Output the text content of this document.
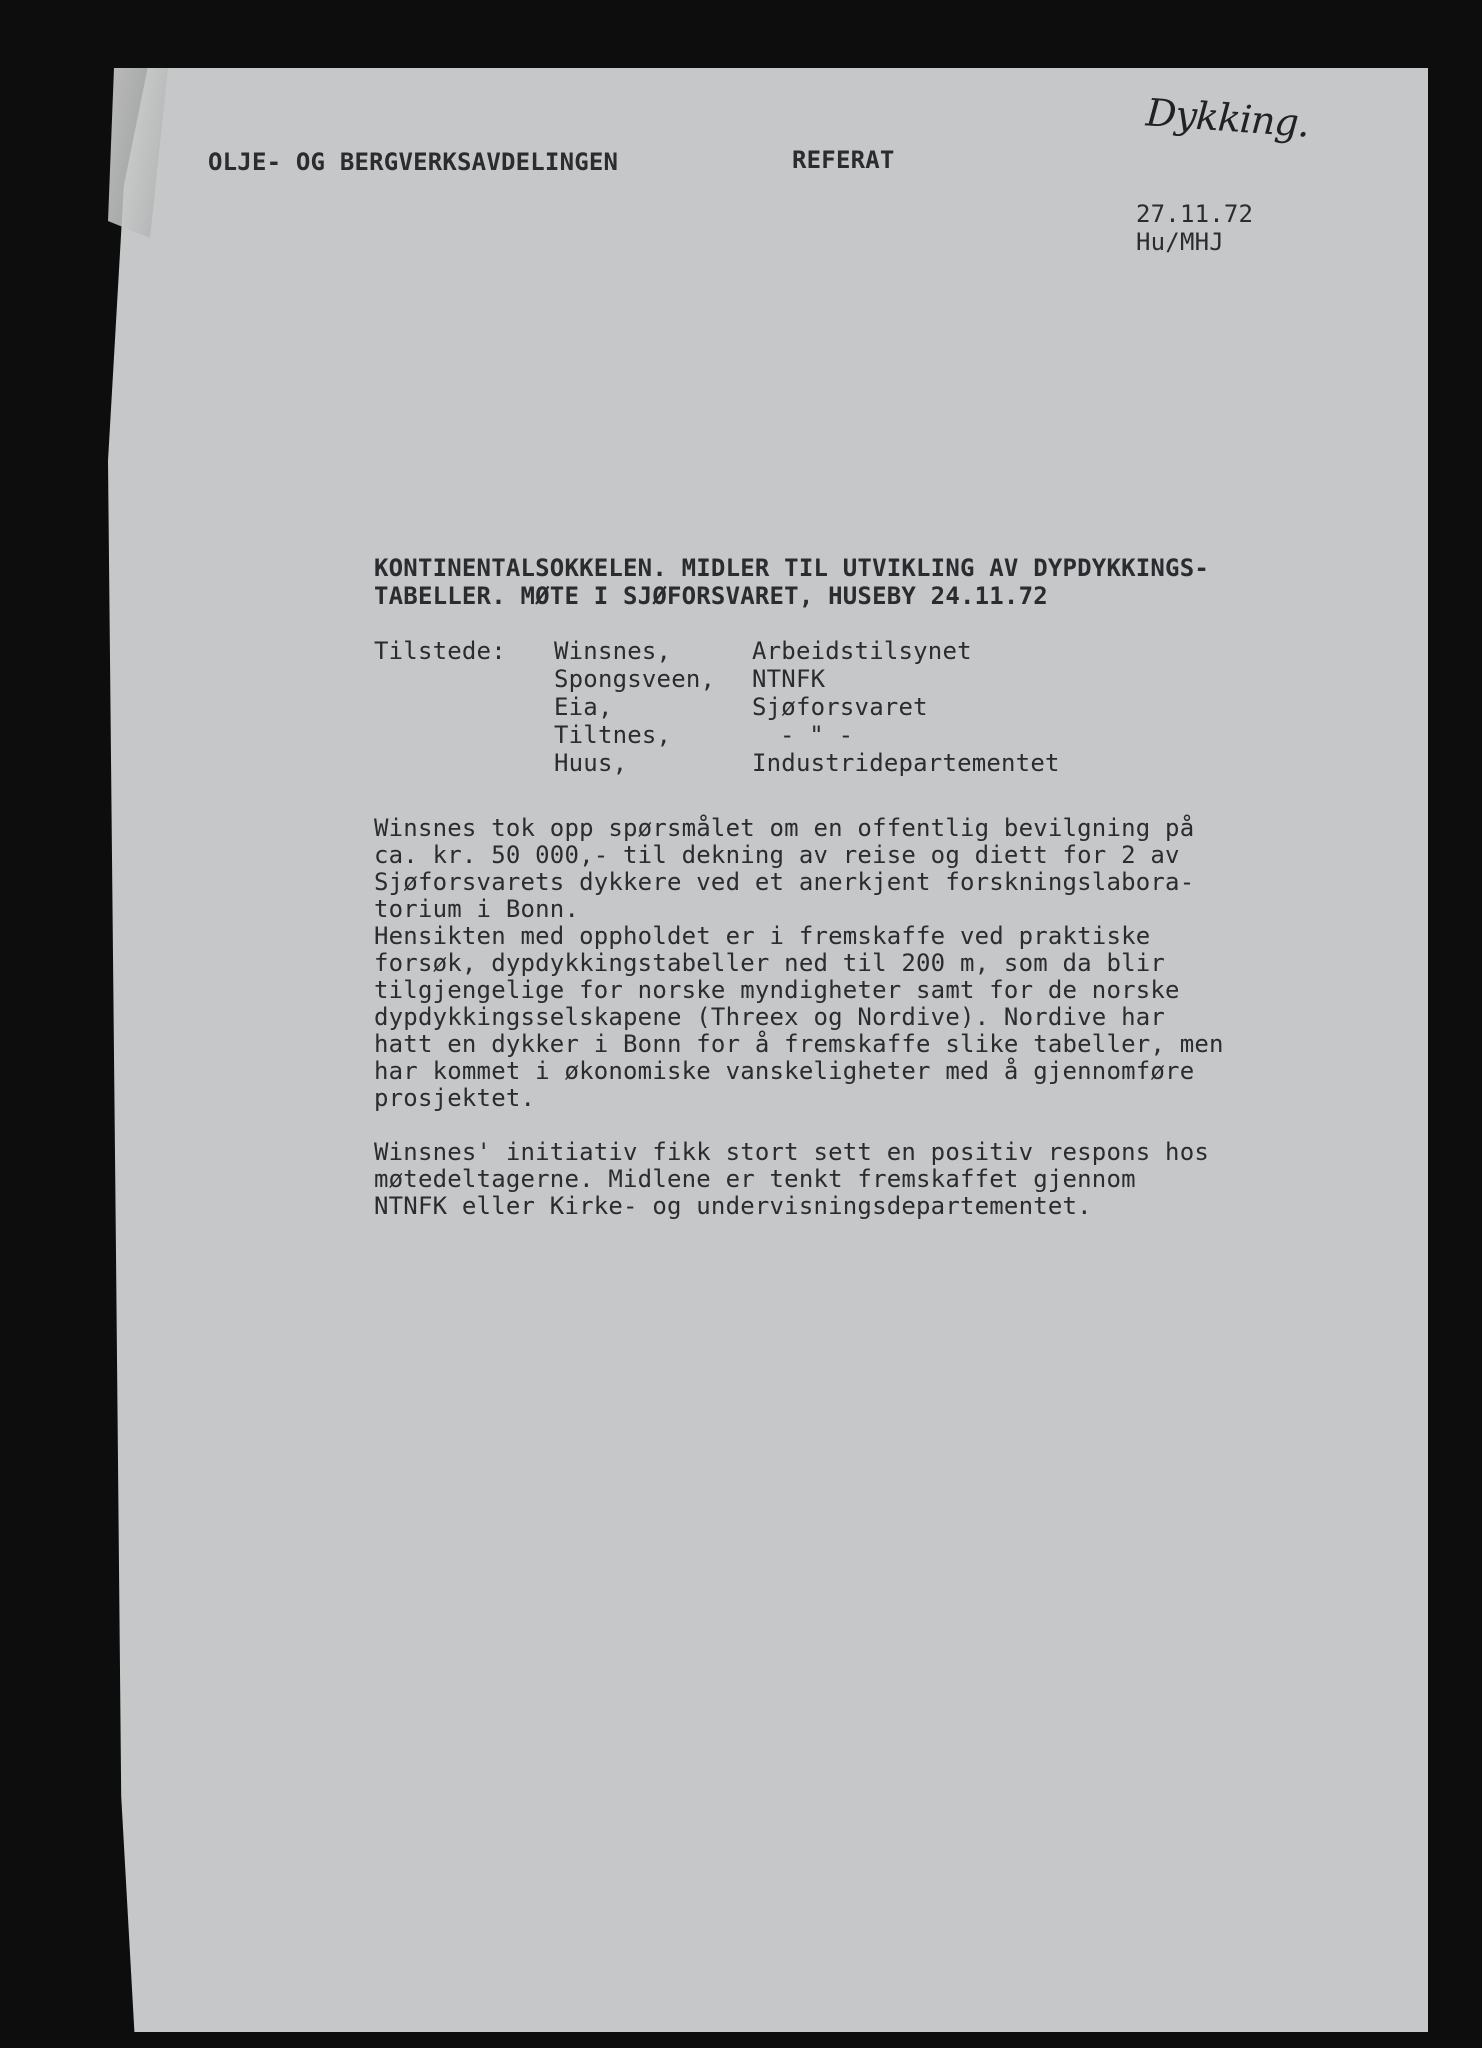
Dykking.
OLJE- OG BERGVERKSAVDELINGEN	REFERAT
27.11.72
Hu/MHJ
KONTINENTALSOKKELEN. MIDLER TIL UTVIKLING AV DYPDYKKINGS-
TABELLER. MØTE I SJØFORSVARET, HUSEBY 24.11.72
Tilstede: Winsnes,	Arbeidstilsynet
Spongsveen, NTNFK
Eia,	Sjøforsvaret
Tiltnes,	- " -
Huus,	Industridepartementet
Winsnes tok opp spørsmålet om en offentlig bevilgning på
ca. kr. 50 000,- til dekning av reise og diett for 2 av
Sjøforsvarets dykkere ved et anerkjent forskningslabora-
torium i Bonn.
Hensikten med oppholdet er i fremskaffe ved praktiske
forsøk, dypdykkingstabeller ned til 200 m, som da blir
tilgjengelige for norske myndigheter samt for de norske
dypdykkingsselskapene (Threex og Nordive). Nordive har
hatt en dykker i Bonn for å fremskaffe slike tabeller, men
har kommet i økonomiske vanskeligheter med å gjennomføre
prosjektet.
Winsnes' initiativ fikk stort sett en positiv respons hos
møtedeltagerne. Midlene er tenkt fremskaffet gjennom
NTNFK eller Kirke- og undervisningsdepartementet.
